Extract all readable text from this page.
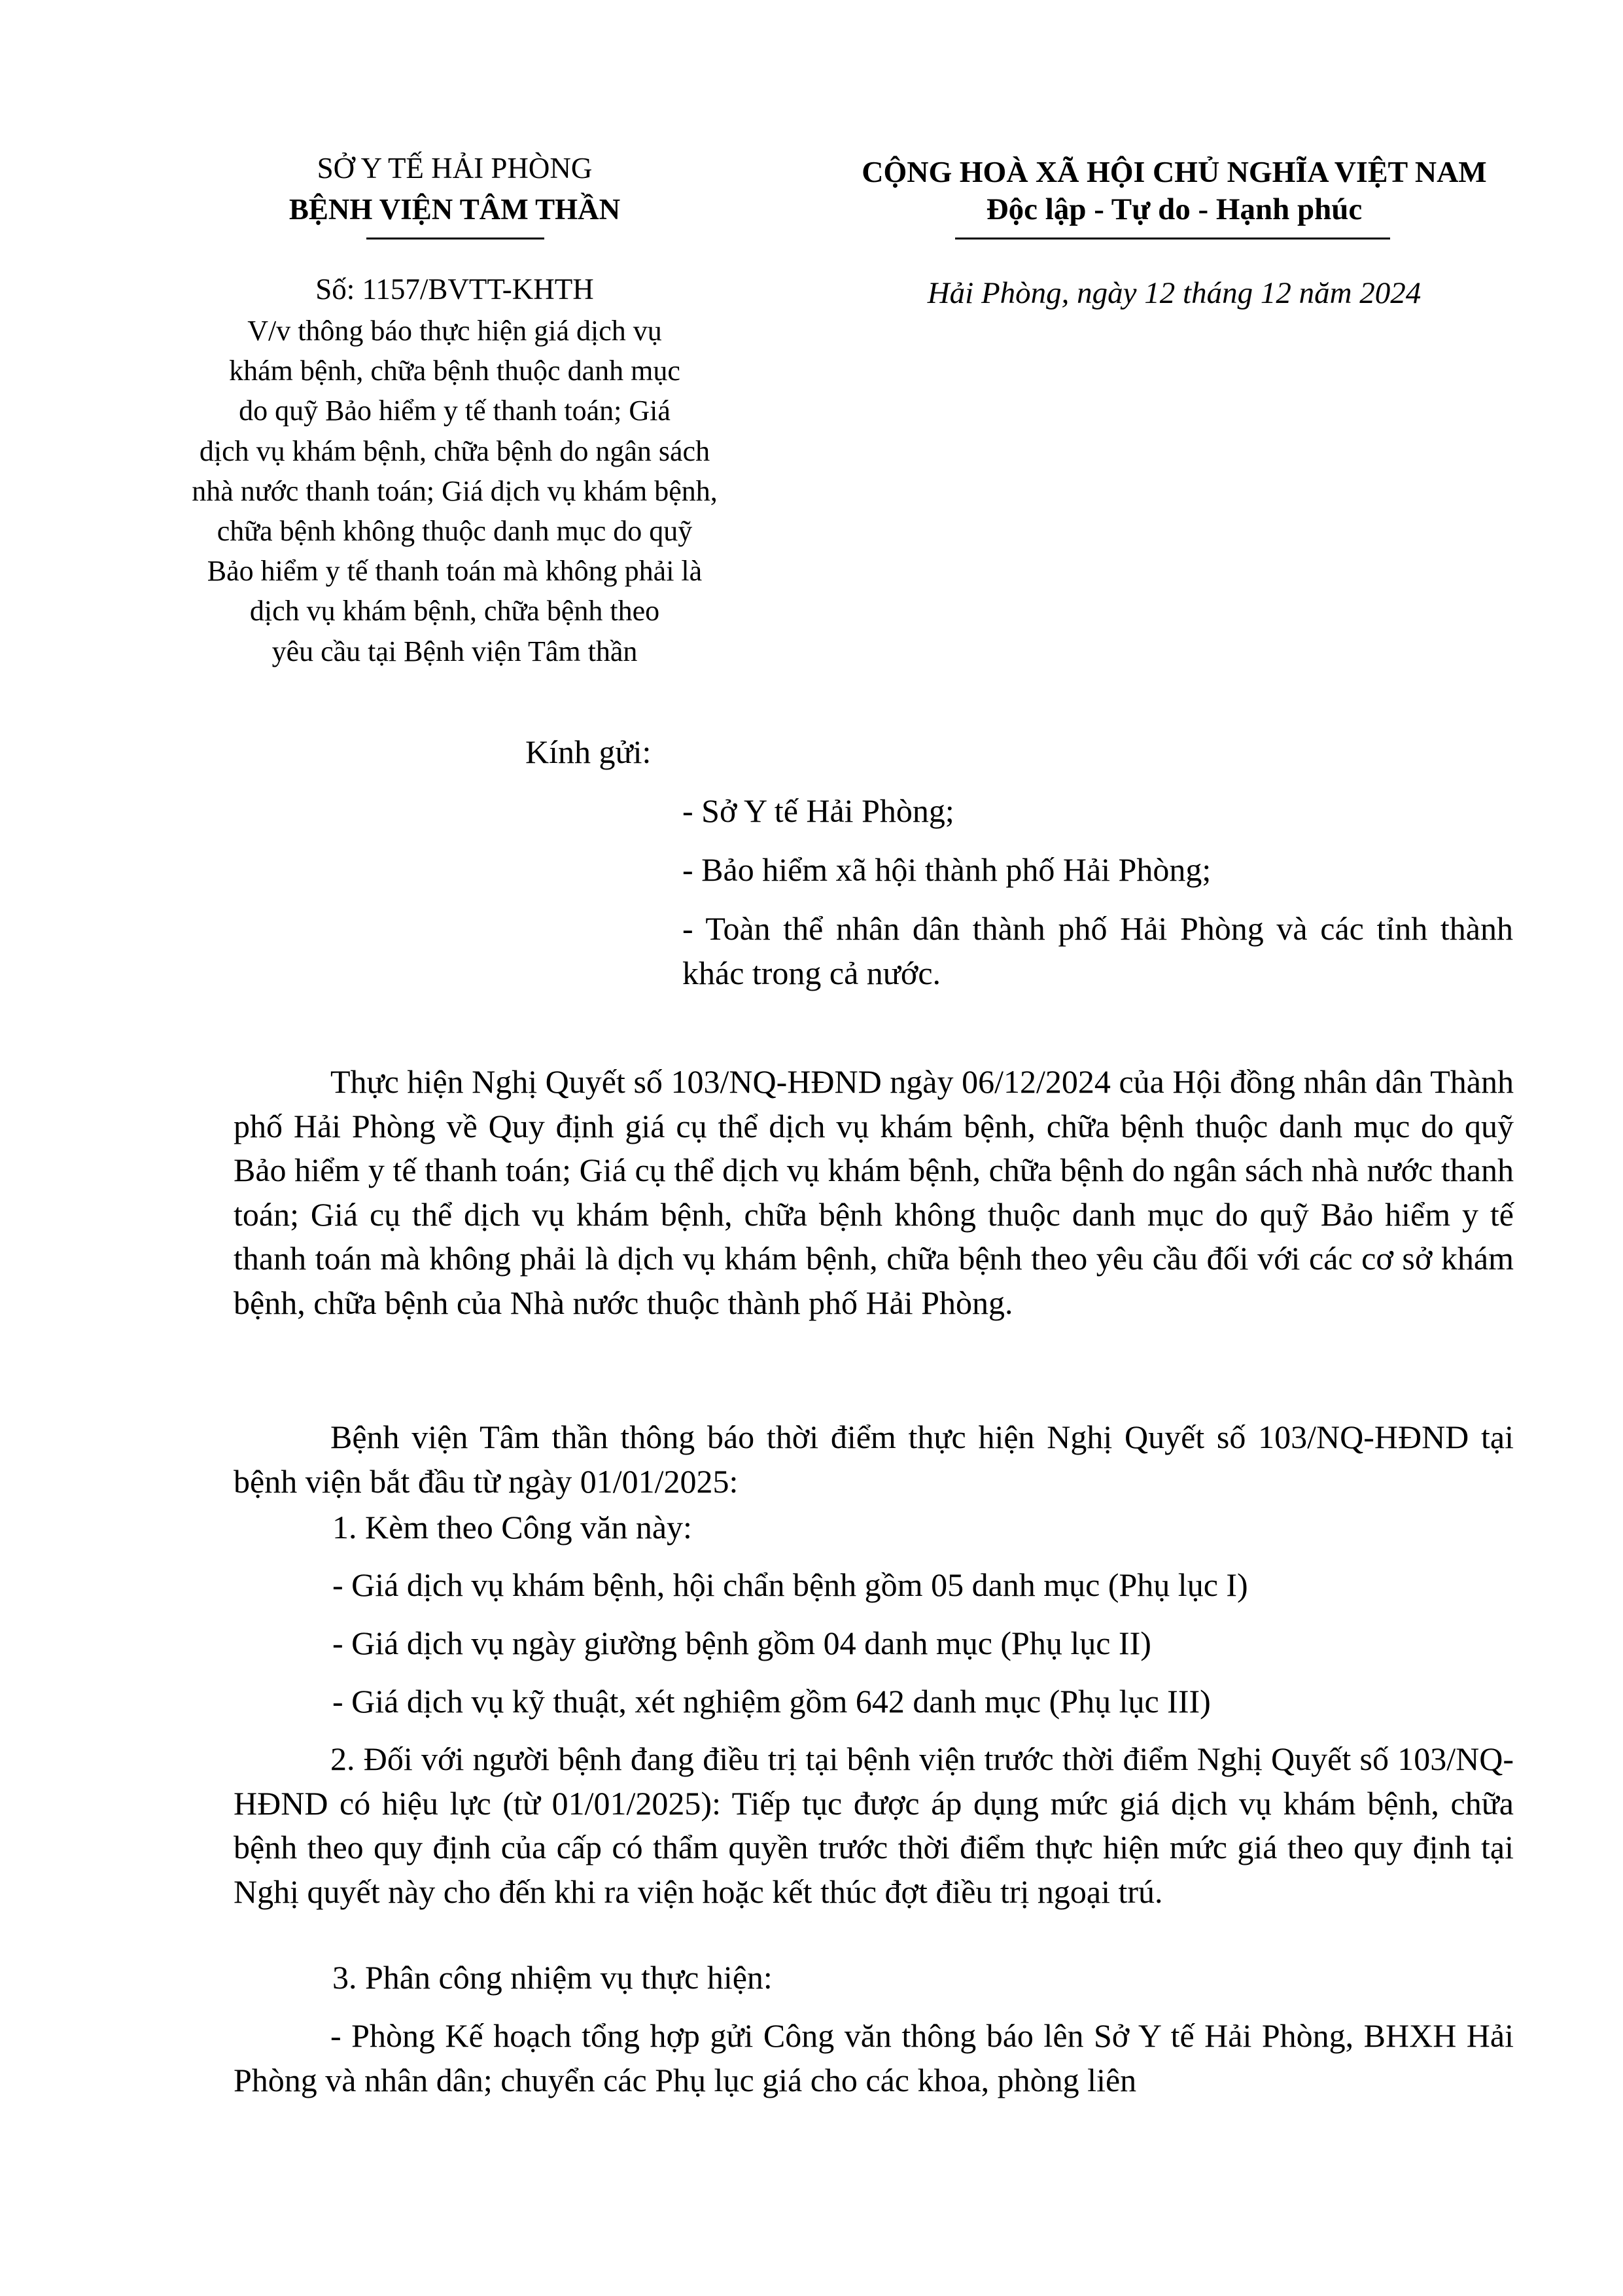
SỞ Y TẾ HẢI PHÒNG
BỆNH VIỆN TÂM THẦN
CỘNG HOÀ XÃ HỘI CHỦ NGHĨA VIỆT NAM
Độc lập - Tự do - Hạnh phúc
Số: 1157/BVTT-KHTH	Hải Phòng, ngày 12 tháng 12 năm 2024
V/v thông báo thực hiện giá dịch vụ
khám bệnh, chữa bệnh thuộc danh mục
do quỹ Bảo hiểm y tế thanh toán; Giá
dịch vụ khám bệnh, chữa bệnh do ngân sách
nhà nước thanh toán; Giá dịch vụ khám bệnh,
chữa bệnh không thuộc danh mục do quỹ
Bảo hiểm y tế thanh toán mà không phải là
dịch vụ khám bệnh, chữa bệnh theo
yêu cầu tại Bệnh viện Tâm thần
Kính gửi:
- Sở Y tế Hải Phòng;
- Bảo hiểm xã hội thành phố Hải Phòng;
- Toàn thể nhân dân thành phố Hải Phòng và các tỉnh thành khác trong cả nước.
Thực hiện Nghị Quyết số 103/NQ-HĐND ngày 06/12/2024 của Hội đồng nhân dân Thành phố Hải Phòng về Quy định giá cụ thể dịch vụ khám bệnh, chữa bệnh thuộc danh mục do quỹ Bảo hiểm y tế thanh toán; Giá cụ thể dịch vụ khám bệnh, chữa bệnh do ngân sách nhà nước thanh toán; Giá cụ thể dịch vụ khám bệnh, chữa bệnh không thuộc danh mục do quỹ Bảo hiểm y tế thanh toán mà không phải là dịch vụ khám bệnh, chữa bệnh theo yêu cầu đối với các cơ sở khám bệnh, chữa bệnh của Nhà nước thuộc thành phố Hải Phòng.
Bệnh viện Tâm thần thông báo thời điểm thực hiện Nghị Quyết số 103/NQ-HĐND tại bệnh viện bắt đầu từ ngày 01/01/2025:
1. Kèm theo Công văn này:
- Giá dịch vụ khám bệnh, hội chẩn bệnh gồm 05 danh mục (Phụ lục I)
- Giá dịch vụ ngày giường bệnh gồm 04 danh mục (Phụ lục II)
- Giá dịch vụ kỹ thuật, xét nghiệm gồm 642 danh mục (Phụ lục III)
2. Đối với người bệnh đang điều trị tại bệnh viện trước thời điểm Nghị Quyết số 103/NQ-HĐND có hiệu lực (từ 01/01/2025): Tiếp tục được áp dụng mức giá dịch vụ khám bệnh, chữa bệnh theo quy định của cấp có thẩm quyền trước thời điểm thực hiện mức giá theo quy định tại Nghị quyết này cho đến khi ra viện hoặc kết thúc đợt điều trị ngoại trú.
3. Phân công nhiệm vụ thực hiện:
- Phòng Kế hoạch tổng hợp gửi Công văn thông báo lên Sở Y tế Hải Phòng, BHXH Hải Phòng và nhân dân; chuyển các Phụ lục giá cho các khoa, phòng liên
